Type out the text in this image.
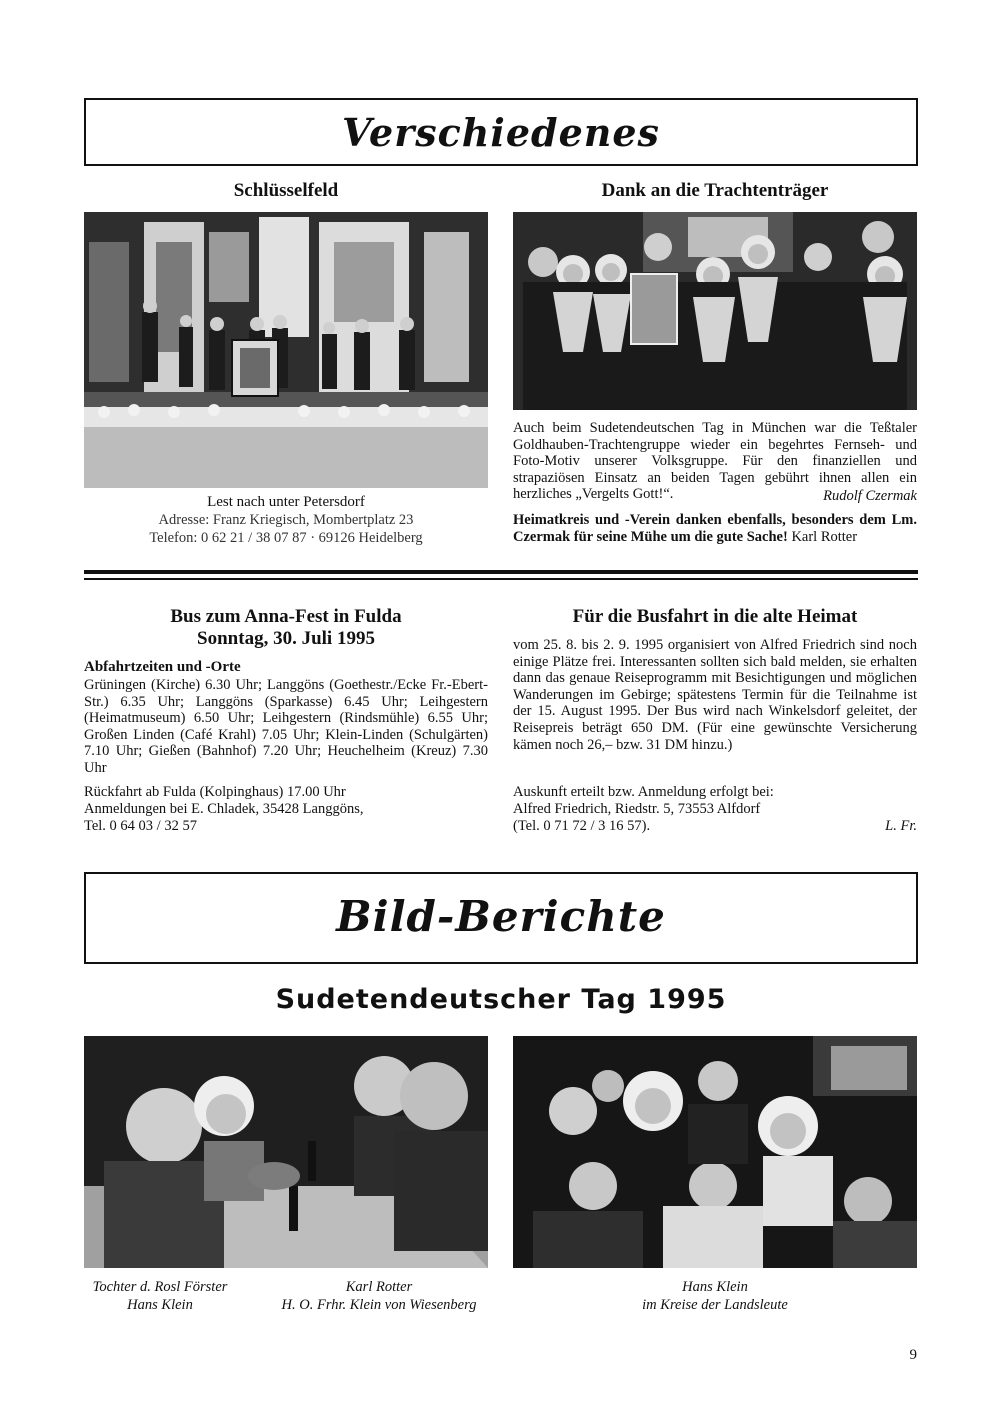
Verschiedenes
Schlüsselfeld
Lest nach unter Petersdorf
Adresse: Franz Kriegisch, Mombertplatz 23
Telefon: 0 62 21 / 38 07 87 · 69126 Heidelberg
Dank an die Trachtenträger
Auch beim Sudetendeutschen Tag in München war die Teßtaler Goldhauben-Trachtengruppe wieder ein begehrtes Fernseh- und Foto-Motiv unserer Volksgruppe. Für den finanziellen und strapaziösen Einsatz an beiden Tagen gebührt ihnen allen ein herzliches „Vergelts Gott!“.	Rudolf Czermak
Heimatkreis und -Verein danken ebenfalls, besonders dem Lm. Czermak für seine Mühe um die gute Sache! Karl Rotter
Bus zum Anna-Fest in Fulda
Sonntag, 30. Juli 1995
Abfahrtzeiten und -Orte
Grüningen (Kirche) 6.30 Uhr; Langgöns (Goethestr./Ecke Fr.-Ebert-Str.) 6.35 Uhr; Langgöns (Sparkasse) 6.45 Uhr; Leihgestern (Heimatmuseum) 6.50 Uhr; Leihgestern (Rindsmühle) 6.55 Uhr; Großen Linden (Café Krahl) 7.05 Uhr; Klein-Linden (Schulgärten) 7.10 Uhr; Gießen (Bahnhof) 7.20 Uhr; Heuchelheim (Kreuz) 7.30 Uhr
Rückfahrt ab Fulda (Kolpinghaus) 17.00 Uhr
Anmeldungen bei E. Chladek, 35428 Langgöns,
Tel. 0 64 03 / 32 57
Für die Busfahrt in die alte Heimat
vom 25. 8. bis 2. 9. 1995 organisiert von Alfred Friedrich sind noch einige Plätze frei. Interessanten sollten sich bald melden, sie erhalten dann das genaue Reiseprogramm mit Besichtigungen und möglichen Wanderungen im Gebirge; spätestens Termin für die Teilnahme ist der 15. August 1995. Der Bus wird nach Winkelsdorf geleitet, der Reisepreis beträgt 650 DM. (Für eine gewünschte Versicherung kämen noch 26,– bzw. 31 DM hinzu.)
Auskunft erteilt bzw. Anmeldung erfolgt bei:
Alfred Friedrich, Riedstr. 5, 73553 Alfdorf
(Tel. 0 71 72 / 3 16 57).	L. Fr.
Bild-Berichte
Sudetendeutscher Tag 1995
Tochter d. Rosl Förster
Hans Klein
Karl Rotter
H. O. Frhr. Klein von Wiesenberg
Hans Klein
im Kreise der Landsleute
9
